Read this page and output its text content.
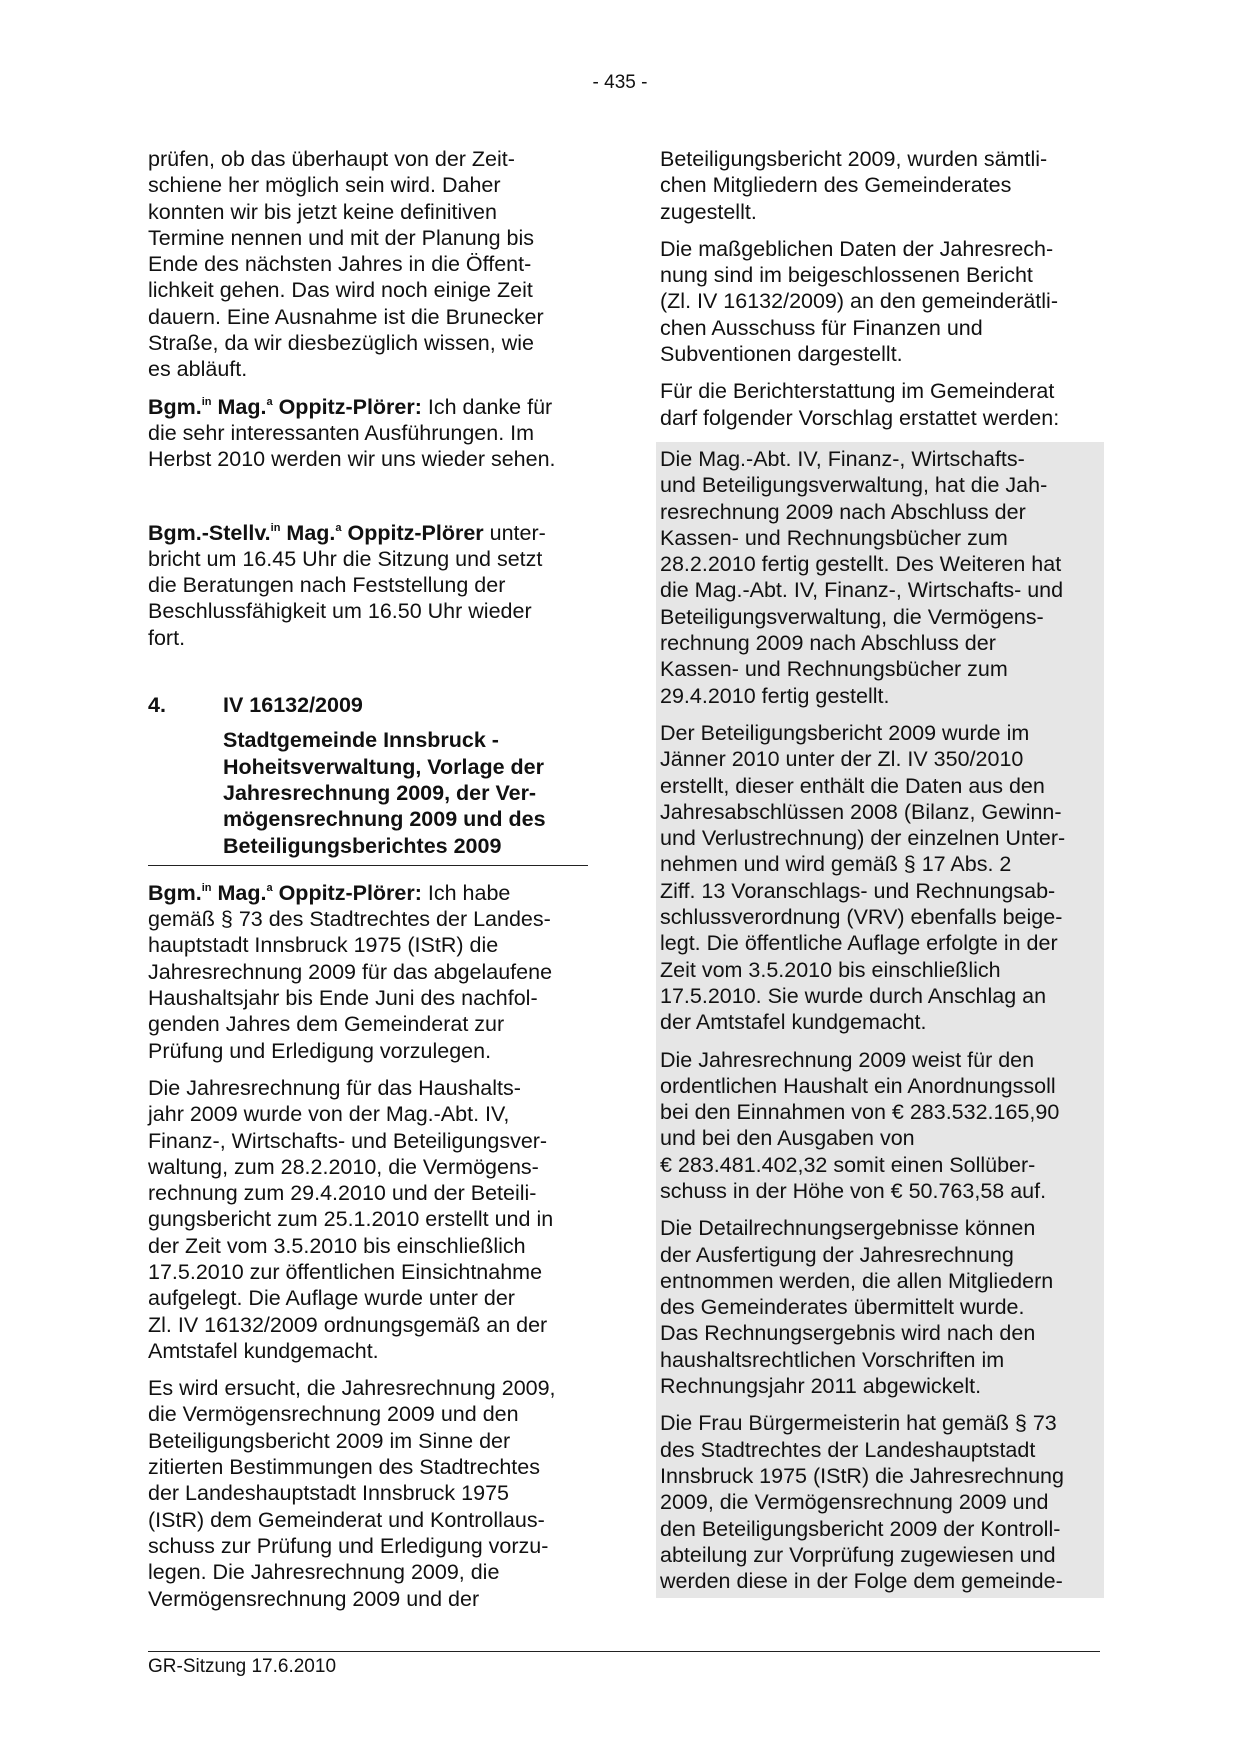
- 435 -

prüfen, ob das überhaupt von der Zeit-
schiene her möglich sein wird. Daher
konnten wir bis jetzt keine definitiven
Termine nennen und mit der Planung bis
Ende des nächsten Jahres in die Öffent-
lichkeit gehen. Das wird noch einige Zeit
dauern. Eine Ausnahme ist die Brunecker
Straße, da wir diesbezüglich wissen, wie
es abläuft.

Bgm.$^{in}$ Mag.$^a$ Oppitz-Plörer: Ich danke für
die sehr interessanten Ausführungen. Im
Herbst 2010 werden wir uns wieder sehen.

Bgm.-Stellv.$^{in}$ Mag.$^a$ Oppitz-Plörer unter-
bricht um 16.45 Uhr die Sitzung und setzt
die Beratungen nach Feststellung der
Beschlussfähigkeit um 16.50 Uhr wieder
fort.

4.	IV 16132/2009
Stadtgemeinde Innsbruck -
Hoheitsverwaltung, Vorlage der
Jahresrechnung 2009, der Ver-
mögensrechnung 2009 und des
Beteiligungsberichtes 2009

Bgm.$^{in}$ Mag.$^a$ Oppitz-Plörer: Ich habe
gemäß § 73 des Stadtrechtes der Landes-
hauptstadt Innsbruck 1975 (IStR) die
Jahresrechnung 2009 für das abgelaufene
Haushaltsjahr bis Ende Juni des nachfol-
genden Jahres dem Gemeinderat zur
Prüfung und Erledigung vorzulegen.

Die Jahresrechnung für das Haushalts-
jahr 2009 wurde von der Mag.-Abt. IV,
Finanz-, Wirtschafts- und Beteiligungsver-
waltung, zum 28.2.2010, die Vermögens-
rechnung zum 29.4.2010 und der Beteili-
gungsbericht zum 25.1.2010 erstellt und in
der Zeit vom 3.5.2010 bis einschließlich
17.5.2010 zur öffentlichen Einsichtnahme
aufgelegt. Die Auflage wurde unter der
Zl. IV 16132/2009 ordnungsgemäß an der
Amtstafel kundgemacht.

Es wird ersucht, die Jahresrechnung 2009,
die Vermögensrechnung 2009 und den
Beteiligungsbericht 2009 im Sinne der
zitierten Bestimmungen des Stadtrechtes
der Landeshauptstadt Innsbruck 1975
(IStR) dem Gemeinderat und Kontrollaus-
schuss zur Prüfung und Erledigung vorzu-
legen. Die Jahresrechnung 2009, die
Vermögensrechnung 2009 und der

Beteiligungsbericht 2009, wurden sämtli-
chen Mitgliedern des Gemeinderates
zugestellt.

Die maßgeblichen Daten der Jahresrech-
nung sind im beigeschlossenen Bericht
(Zl. IV 16132/2009) an den gemeinderätli-
chen Ausschuss für Finanzen und
Subventionen dargestellt.

Für die Berichterstattung im Gemeinderat
darf folgender Vorschlag erstattet werden:

Die Mag.-Abt. IV, Finanz-, Wirtschafts-
und Beteiligungsverwaltung, hat die Jah-
resrechnung 2009 nach Abschluss der
Kassen- und Rechnungsbücher zum
28.2.2010 fertig gestellt. Des Weiteren hat
die Mag.-Abt. IV, Finanz-, Wirtschafts- und
Beteiligungsverwaltung, die Vermögens-
rechnung 2009 nach Abschluss der
Kassen- und Rechnungsbücher zum
29.4.2010 fertig gestellt.

Der Beteiligungsbericht 2009 wurde im
Jänner 2010 unter der Zl. IV 350/2010
erstellt, dieser enthält die Daten aus den
Jahresabschlüssen 2008 (Bilanz, Gewinn-
und Verlustrechnung) der einzelnen Unter-
nehmen und wird gemäß § 17 Abs. 2
Ziff. 13 Voranschlags- und Rechnungsab-
schlussverordnung (VRV) ebenfalls beige-
legt. Die öffentliche Auflage erfolgte in der
Zeit vom 3.5.2010 bis einschließlich
17.5.2010. Sie wurde durch Anschlag an
der Amtstafel kundgemacht.

Die Jahresrechnung 2009 weist für den
ordentlichen Haushalt ein Anordnungssoll
bei den Einnahmen von € 283.532.165,90
und bei den Ausgaben von
€ 283.481.402,32 somit einen Sollüber-
schuss in der Höhe von € 50.763,58 auf.

Die Detailrechnungsergebnisse können
der Ausfertigung der Jahresrechnung
entnommen werden, die allen Mitgliedern
des Gemeinderates übermittelt wurde.
Das Rechnungsergebnis wird nach den
haushaltsrechtlichen Vorschriften im
Rechnungsjahr 2011 abgewickelt.

Die Frau Bürgermeisterin hat gemäß § 73
des Stadtrechtes der Landeshauptstadt
Innsbruck 1975 (IStR) die Jahresrechnung
2009, die Vermögensrechnung 2009 und
den Beteiligungsbericht 2009 der Kontroll-
abteilung zur Vorprüfung zugewiesen und
werden diese in der Folge dem gemeinde-

GR-Sitzung 17.6.2010
